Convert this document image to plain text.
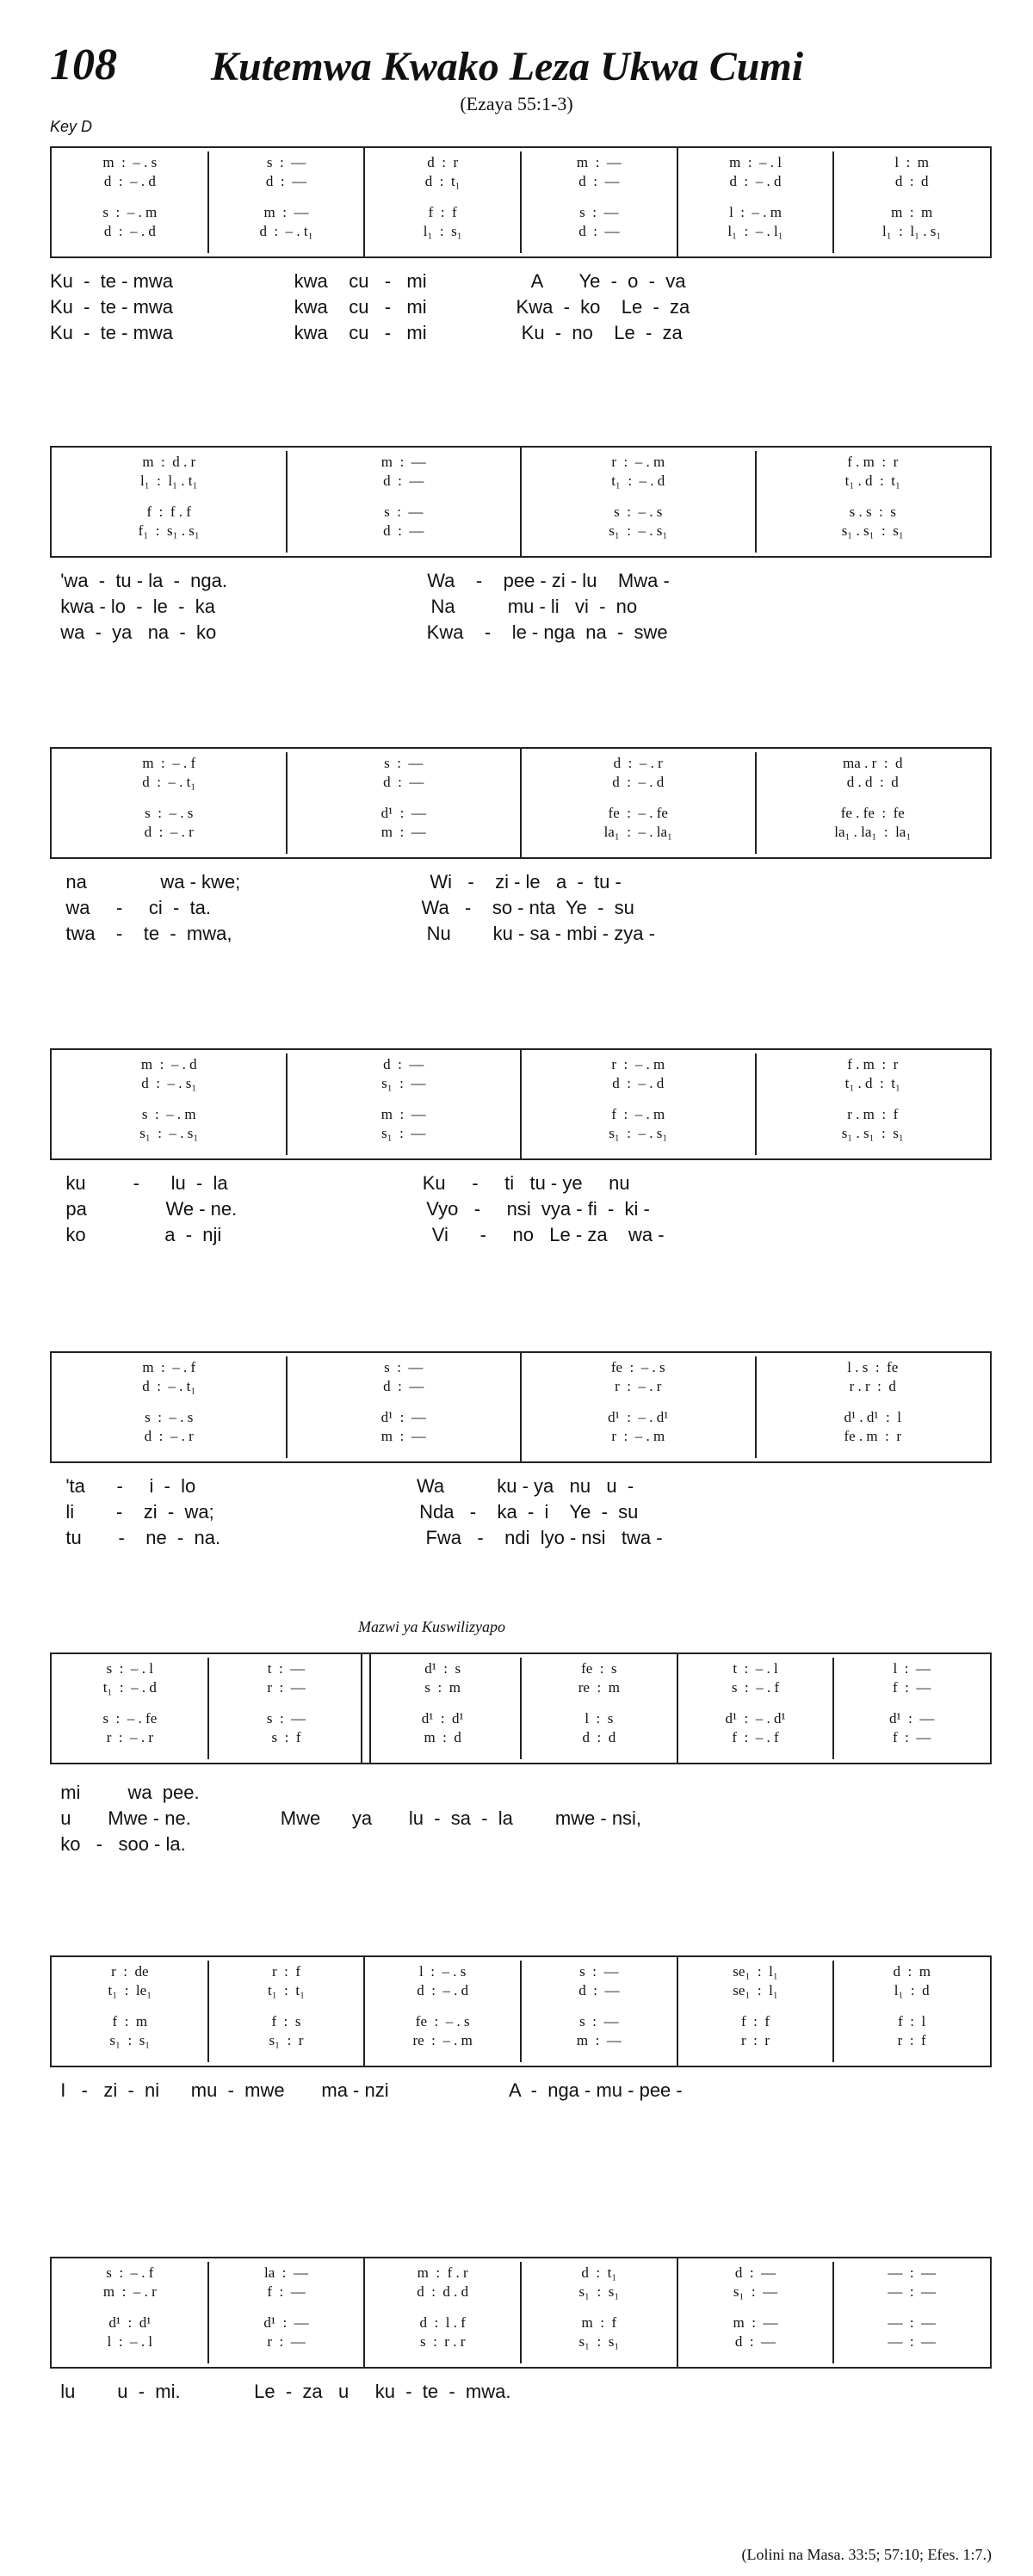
108 Kutemwa Kwako Leza Ukwa Cumi
(Ezaya 55:1-3)
Key D
m  :  – . s	s  :  —	d  :  r	m  :  —	m  :  – . l	l  :  m
d  :  – . d	d  :  —	d  :  t₁	d  :  —	d  :  – . d	d  :  d
s  :  – . m	m  :  —	f  :  f	s  :  —	l  :  – . m	m  :  m
d  :  – . d	d  :  – . t₁	l₁  :  s₁	d  :  —	l₁  :  – . l₁	l₁  :  l₁ . s₁
Ku  -  te - mwa                       kwa    cu   -   mi                    A       Ye  -  o  -  va
Ku  -  te - mwa                       kwa    cu   -   mi                 Kwa  -  ko    Le  -  za
Ku  -  te - mwa                       kwa    cu   -   mi                  Ku  -  no    Le  -  za
m  :  d . r	m  :  —	r  :  – . m	f . m  :  r
l₁  :  l₁ . t₁	d  :  —	t₁  :  – . d	t₁ . d  :  t₁
f  :  f . f	s  :  —	s  :  – . s	s . s  :  s
f₁  :  s₁ . s₁	d  :  —	s₁  :  – . s₁	s₁ . s₁  :  s₁
'wa  -  tu - la  -  nga.                                      Wa    -    pee - zi - lu    Mwa -
kwa - lo  -  le  -  ka                                         Na          mu - li   vi  -  no
wa  -  ya   na  -  ko                                        Kwa    -    le - nga  na  -  swe
m  :  – . f	s  :  —	d  :  – . r	ma . r  :  d
d  :  – . t₁	d  :  —	d  :  – . d	d . d  :  d
s  :  – . s	d¹  :  —	fe  :  – . fe	fe . fe  :  fe
d  :  – . r	m  :  —	la₁  :  – . la₁	la₁ . la₁  :  la₁
na              wa - kwe;                                    Wi   -    zi - le   a  -  tu -
wa     -     ci  -  ta.                                        Wa   -    so - nta  Ye  -  su
twa    -    te  -  mwa,                                     Nu        ku - sa - mbi - zya -
m  :  – . d	d  :  —	r  :  – . m	f . m  :  r
d  :  – . s₁	s₁  :  —	d  :  – . d	t₁ . d  :  t₁
s  :  – . m	m  :  —	f  :  – . m	r . m  :  f
s₁  :  – . s₁	s₁  :  —	s₁  :  – . s₁	s₁ . s₁  :  s₁
ku         -      lu  -  la                                     Ku     -     ti   tu - ye     nu
pa               We - ne.                                    Vyo   -     nsi  vya - fi  -  ki -
ko               a  -  nji                                        Vi      -     no   Le - za    wa -
m  :  – . f	s  :  —	fe  :  – . s	l . s  :  fe
d  :  – . t₁	d  :  —	r  :  – . r	r . r  :  d
s  :  – . s	d¹  :  —	d¹  :  – . d¹	d¹ . d¹  :  l
d  :  – . r	m  :  —	r  :  – . m	fe . m  :  r
'ta      -     i  -  lo                                          Wa          ku - ya   nu   u  -
li        -    zi  -  wa;                                       Nda   -    ka  -  i    Ye  -  su
tu       -    ne  -  na.                                       Fwa   -    ndi  lyo - nsi   twa -
s  :  – . l	t  :  —	d¹  :  s	fe  :  s	t  :  – . l	l  :  —
t₁  :  – . d	r  :  —	s  :  m	re  :  m	s  :  – . f	f  :  —
s  :  – . fe	s  :  —	d¹  :  d¹	l  :  s	d¹  :  – . d¹	d¹  :  —
r  :  – . r	s  :  f	m  :  d	d  :  d	f  :  – . f	f  :  —
mi         wa  pee.
u       Mwe - ne.                 Mwe      ya       lu  -  sa  -  la        mwe - nsi,
ko   -   soo - la.
r  :  de	r  :  f	l  :  – . s	s  :  —	se₁  :  l₁	d  :  m
t₁  :  le₁	t₁  :  t₁	d  :  – . d	d  :  —	se₁  :  l₁	l₁  :  d
f  :  m	f  :  s	fe  :  – . s	s  :  —	f  :  f	f  :  l
s₁  :  s₁	s₁  :  r	re  :  – . m	m  :  —	r  :  r	r  :  f
I   -   zi  -  ni      mu  -  mwe       ma - nzi                       A  -  nga - mu - pee -
s  :  – . f	la  :  —	m  :  f . r	d  :  t₁	d  :  —	—  :  —
m  :  – . r	f  :  —	d  :  d . d	s₁  :  s₁	s₁  :  —	—  :  —
d¹  :  d¹	d¹  :  —	d  :  l . f	m  :  f	m  :  —	—  :  —
l  :  – . l	r  :  —	s  :  r . r	s₁  :  s₁	d  :  —	—  :  —
lu        u  -  mi.              Le  -  za   u     ku  -  te  -  mwa.
Mazwi ya Kuswilizyapo
(Lolini na Masa. 33:5; 57:10; Efes. 1:7.)
